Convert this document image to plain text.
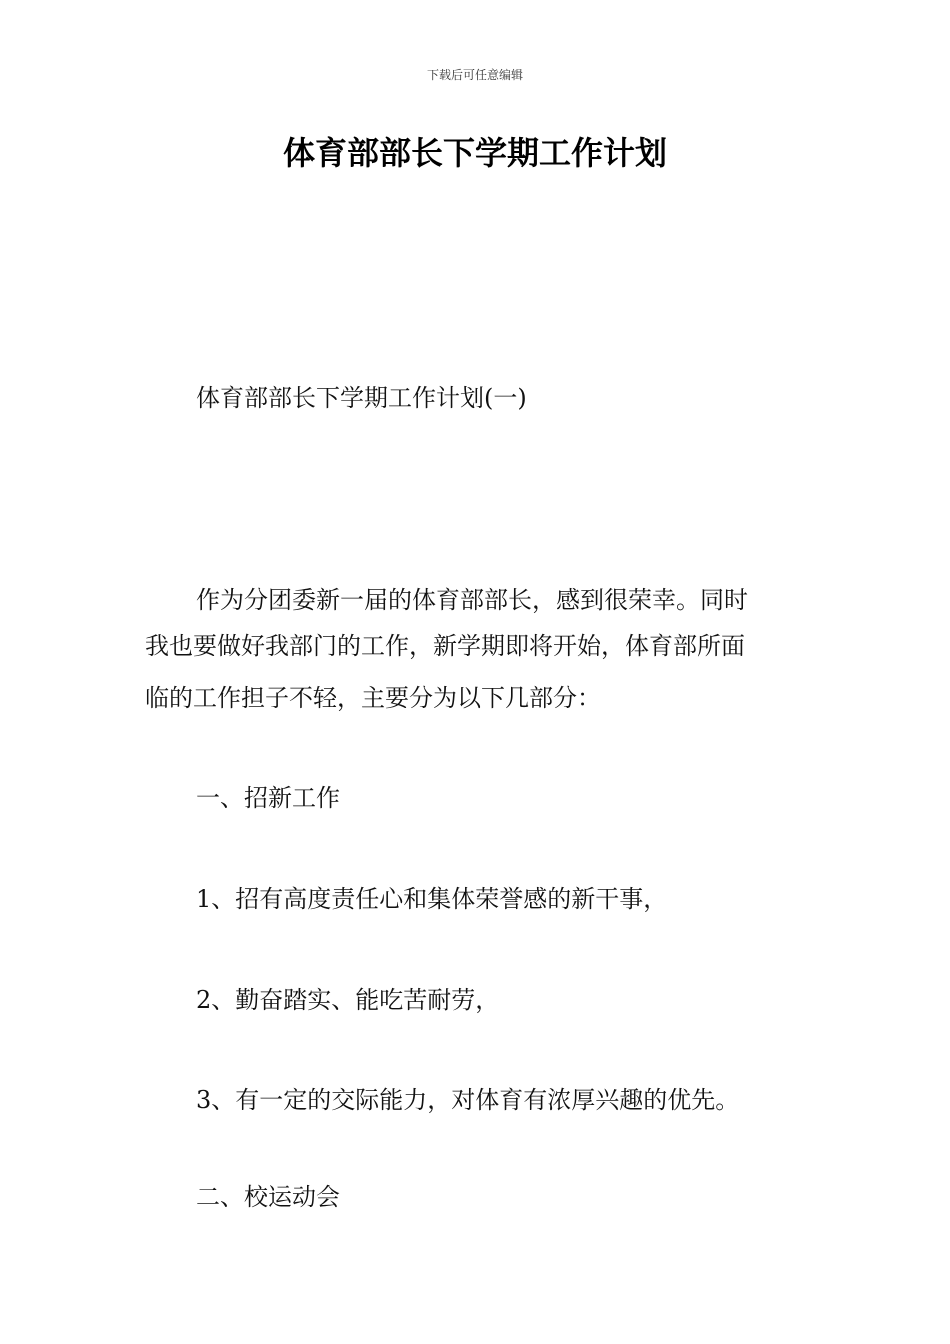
下载后可任意编辑
体育部部长下学期工作计划

体育部部长下学期工作计划(一)

作为分团委新一届的体育部部长，感到很荣幸。同时

我也要做好我部门的工作，新学期即将开始，体育部所面

临的工作担子不轻，主要分为以下几部分：

一、招新工作

1、招有高度责任心和集体荣誉感的新干事，

2、勤奋踏实、能吃苦耐劳，

3、有一定的交际能力，对体育有浓厚兴趣的优先。

二、校运动会
